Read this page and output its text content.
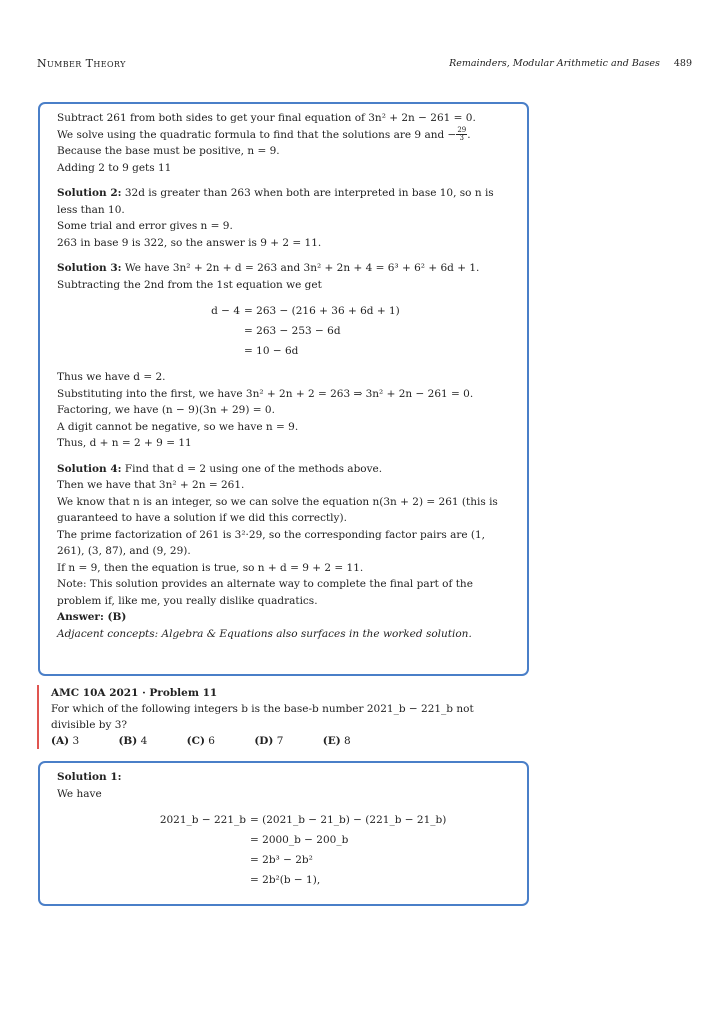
Number Theory	Remainders, Modular Arithmetic and Bases 489

Subtract 261 from both sides to get your final equation of 3n² + 2n − 261 = 0.

We solve using the quadratic formula to find that the solutions are 9 and − $\frac{29}{3}$ .

Because the base must be positive, n = 9.

Adding 2 to 9 gets 11

Solution 2: 32d is greater than 263 when both are interpreted in base 10, so n is less than 10.

Some trial and error gives n = 9.

263 in base 9 is 322, so the answer is 9 + 2 = 11.

Solution 3: We have 3n² + 2n + d = 263 and 3n² + 2n + 4 = 6³ + 6² + 6d + 1.

Subtracting the 2nd from the 1st equation we get

d − 4 = 263 − (216 + 36 + 6d + 1)
= 263 − 253 − 6d
= 10 − 6d

Thus we have d = 2.

Substituting into the first, we have 3n² + 2n + 2 = 263 ⇒ 3n² + 2n − 261 = 0.

Factoring, we have (n − 9)(3n + 29) = 0.

A digit cannot be negative, so we have n = 9.

Thus, d + n = 2 + 9 = 11

Solution 4: Find that d = 2 using one of the methods above.

Then we have that 3n² + 2n = 261.

We know that n is an integer, so we can solve the equation n(3n + 2) = 261 (this is guaranteed to have a solution if we did this correctly).

The prime factorization of 261 is 3²·29, so the corresponding factor pairs are (1, 261), (3, 87), and (9, 29).

If n = 9, then the equation is true, so n + d = 9 + 2 = 11.

Note: This solution provides an alternate way to complete the final part of the problem if, like me, you really dislike quadratics.

Answer: (B)

Adjacent concepts: Algebra & Equations also surfaces in the worked solution.

AMC 10A 2021 · Problem 11
For which of the following integers b is the base-b number 2021_b − 221_b not divisible by 3?
(A) 3	(B) 4	(C) 6	(D) 7	(E) 8

Solution 1:

We have

2021_b − 221_b = (2021_b − 21_b) − (221_b − 21_b)
= 2000_b − 200_b
= 2b³ − 2b²
= 2b²(b − 1),
